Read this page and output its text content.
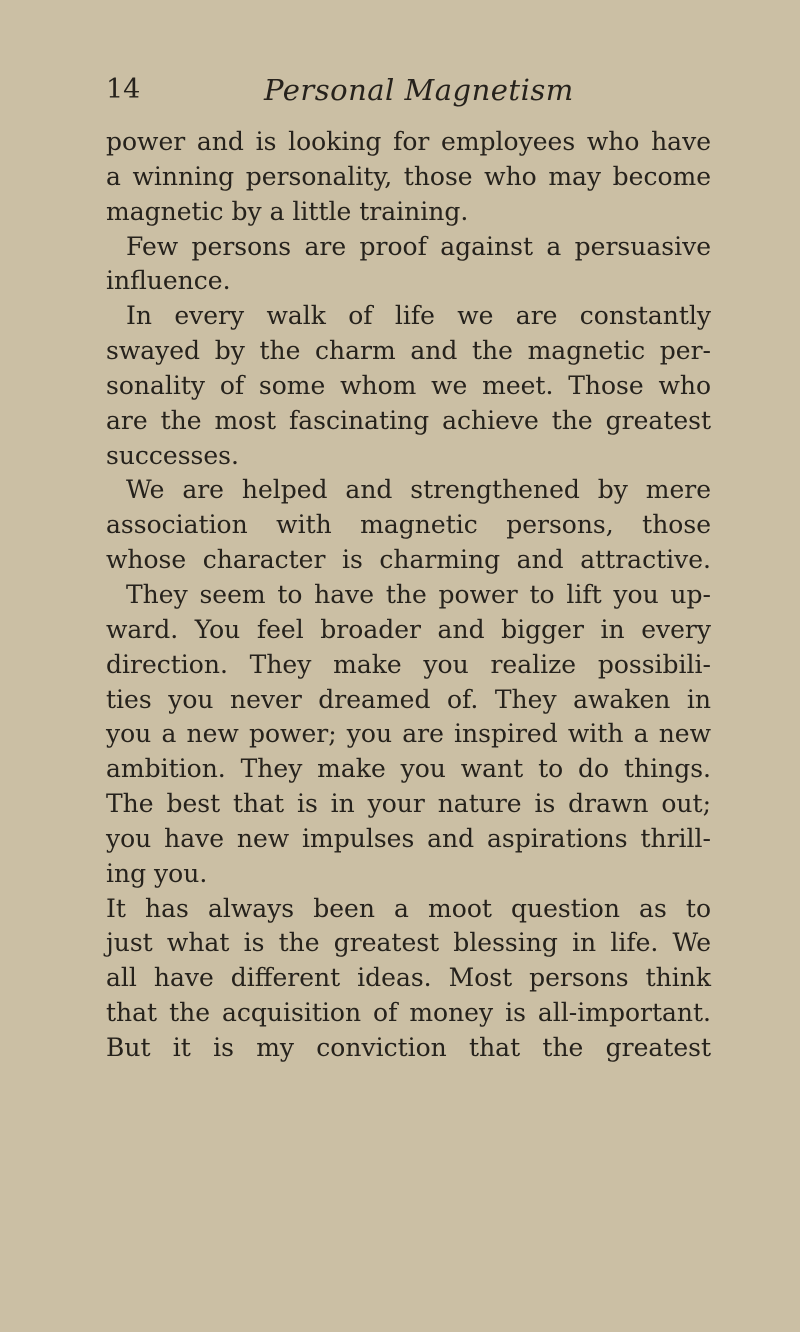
14	Personal Magnetism
power and is looking for employees who have
a winning personality, those who may become
magnetic by a little training.
Few persons are proof against a persuasive
influence.
In every walk of life we are constantly
swayed by the charm and the magnetic per-
sonality of some whom we meet. Those who
are the most fascinating achieve the greatest
successes.
We are helped and strengthened by mere
association with magnetic persons, those
whose character is charming and attractive.
They seem to have the power to lift you up-
ward. You feel broader and bigger in every
direction. They make you realize possibili-
ties you never dreamed of. They awaken in
you a new power; you are inspired with a new
ambition. They make you want to do things.
The best that is in your nature is drawn out;
you have new impulses and aspirations thrill-
ing you.
It has always been a moot question as to
just what is the greatest blessing in life. We
all have different ideas. Most persons think
that the acquisition of money is all-important.
But it is my conviction that the greatest
